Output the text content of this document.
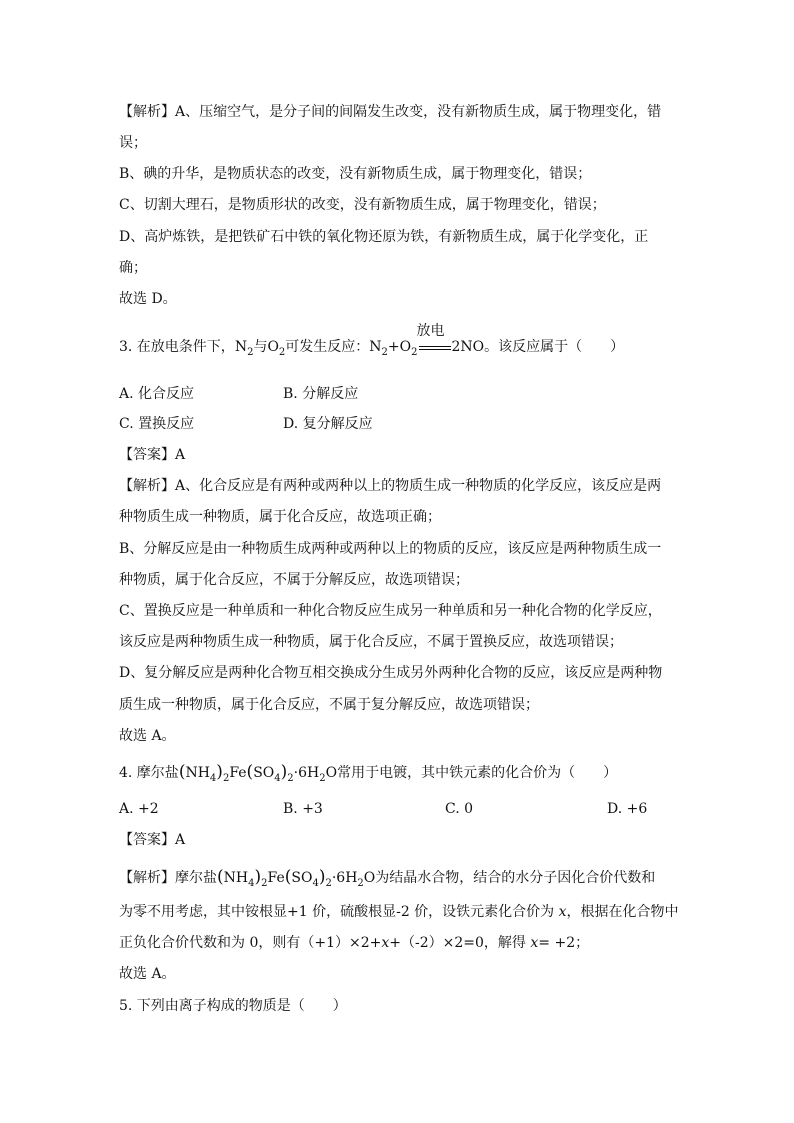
【解析】A、压缩空气，是分子间的间隔发生改变，没有新物质生成，属于物理变化，错
误；
B、碘的升华，是物质状态的改变，没有新物质生成，属于物理变化，错误；
C、切割大理石，是物质形状的改变，没有新物质生成，属于物理变化，错误；
D、高炉炼铁，是把铁矿石中铁的氧化物还原为铁，有新物质生成，属于化学变化，正
确；
故选 D。
3. 在放电条件下，$N_2$与$O_2$可发生反应：$N_2+O_2$
放电
2NO。该反应属于（　　）
A. 化合反应	B. 分解反应
C. 置换反应	D. 复分解反应
【答案】A
【解析】A、化合反应是有两种或两种以上的物质生成一种物质的化学反应，该反应是两
种物质生成一种物质，属于化合反应，故选项正确；
B、分解反应是由一种物质生成两种或两种以上的物质的反应，该反应是两种物质生成一
种物质，属于化合反应，不属于分解反应，故选项错误；
C、置换反应是一种单质和一种化合物反应生成另一种单质和另一种化合物的化学反应，
该反应是两种物质生成一种物质，属于化合反应，不属于置换反应，故选项错误；
D、复分解反应是两种化合物互相交换成分生成另外两种化合物的反应，该反应是两种物
质生成一种物质，属于化合反应，不属于复分解反应，故选项错误；
故选 A。
4. 摩尔盐$(NH_4)_2Fe(SO_4)_2\cdot 6H_2O$常用于电镀，其中铁元素的化合价为（　　）
A. +2	B. +3	C. 0	D. +6
【答案】A
【解析】摩尔盐$(NH_4)_2Fe(SO_4)_2\cdot 6H_2O$为结晶水合物，结合的水分子因化合价代数和
为零不用考虑，其中铵根显+1 价，硫酸根显-2 价，设铁元素化合价为 x，根据在化合物中
正负化合价代数和为 0，则有（+1）×2+x+（-2）×2=0，解得 x= +2；
故选 A。
5. 下列由离子构成的物质是（　　）
